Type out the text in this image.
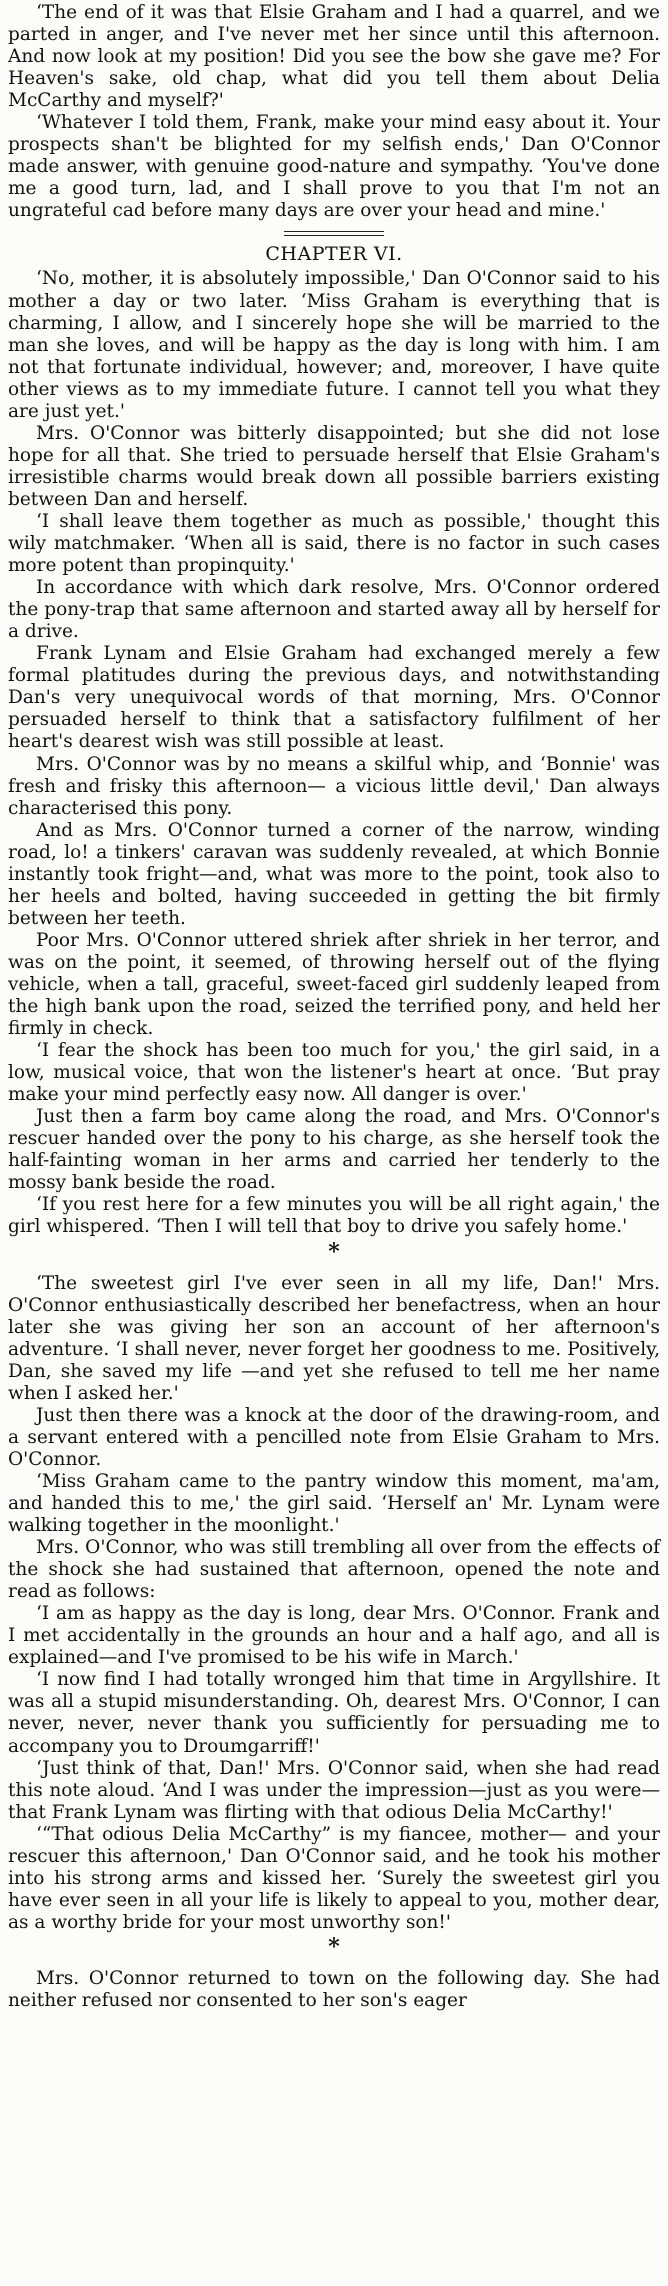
‘The end of it was that Elsie Graham and I had a quarrel, and we parted in anger, and I've never met her since until this afternoon. And now look at my position! Did you see the bow she gave me? For Heaven's sake, old chap, what did you tell them about Delia McCarthy and myself?'

‘Whatever I told them, Frank, make your mind easy about it. Your prospects shan't be blighted for my selfish ends,' Dan O'Connor made answer, with genuine good-nature and sympathy. ‘You've done me a good turn, lad, and I shall prove to you that I'm not an ungrateful cad before many days are over your head and mine.'

CHAPTER VI.

‘No, mother, it is absolutely impossible,' Dan O'Connor said to his mother a day or two later. ‘Miss Graham is everything that is charming, I allow, and I sincerely hope she will be married to the man she loves, and will be happy as the day is long with him. I am not that fortunate individual, however; and, moreover, I have quite other views as to my immediate future. I cannot tell you what they are just yet.'

Mrs. O'Connor was bitterly disappointed; but she did not lose hope for all that. She tried to persuade herself that Elsie Graham's irresistible charms would break down all possible barriers existing between Dan and herself.

‘I shall leave them together as much as possible,' thought this wily matchmaker. ‘When all is said, there is no factor in such cases more potent than propinquity.'

In accordance with which dark resolve, Mrs. O'Connor ordered the pony-trap that same afternoon and started away all by herself for a drive.

Frank Lynam and Elsie Graham had exchanged merely a few formal platitudes during the previous days, and notwithstanding Dan's very unequivocal words of that morning, Mrs. O'Connor persuaded herself to think that a satisfactory fulfilment of her heart's dearest wish was still possible at least.

Mrs. O'Connor was by no means a skilful whip, and ‘Bonnie' was fresh and frisky this afternoon— a vicious little devil,' Dan always characterised this pony.

And as Mrs. O'Connor turned a corner of the narrow, winding road, lo! a tinkers' caravan was suddenly revealed, at which Bonnie instantly took fright—and, what was more to the point, took also to her heels and bolted, having succeeded in getting the bit firmly between her teeth.

Poor Mrs. O'Connor uttered shriek after shriek in her terror, and was on the point, it seemed, of throwing herself out of the flying vehicle, when a tall, graceful, sweet-faced girl suddenly leaped from the high bank upon the road, seized the terrified pony, and held her firmly in check.

‘I fear the shock has been too much for you,' the girl said, in a low, musical voice, that won the listener's heart at once. ‘But pray make your mind perfectly easy now. All danger is over.'

Just then a farm boy came along the road, and Mrs. O'Connor's rescuer handed over the pony to his charge, as she herself took the half-fainting woman in her arms and carried her tenderly to the mossy bank beside the road.

‘If you rest here for a few minutes you will be all right again,' the girl whispered. ‘Then I will tell that boy to drive you safely home.'

*

‘The sweetest girl I've ever seen in all my life, Dan!' Mrs. O'Connor enthusiastically described her benefactress, when an hour later she was giving her son an account of her afternoon's adventure. ‘I shall never, never forget her goodness to me. Positively, Dan, she saved my life —and yet she refused to tell me her name when I asked her.'

Just then there was a knock at the door of the drawing-room, and a servant entered with a pencilled note from Elsie Graham to Mrs. O'Connor.

‘Miss Graham came to the pantry window this moment, ma'am, and handed this to me,' the girl said. ‘Herself an' Mr. Lynam were walking together in the moonlight.'

Mrs. O'Connor, who was still trembling all over from the effects of the shock she had sustained that afternoon, opened the note and read as follows:

‘I am as happy as the day is long, dear Mrs. O'Connor. Frank and I met accidentally in the grounds an hour and a half ago, and all is explained—and I've promised to be his wife in March.'

‘I now find I had totally wronged him that time in Argyllshire. It was all a stupid misunderstanding. Oh, dearest Mrs. O'Connor, I can never, never, never thank you sufficiently for persuading me to accompany you to Droumgarriff!'

‘Just think of that, Dan!' Mrs. O'Connor said, when she had read this note aloud. ‘And I was under the impression—just as you were—that Frank Lynam was flirting with that odious Delia McCarthy!'

‘“That odious Delia McCarthy” is my fiancee, mother— and your rescuer this afternoon,' Dan O'Connor said, and he took his mother into his strong arms and kissed her. ‘Surely the sweetest girl you have ever seen in all your life is likely to appeal to you, mother dear, as a worthy bride for your most unworthy son!'

*

Mrs. O'Connor returned to town on the following day. She had neither refused nor consented to her son's eager
